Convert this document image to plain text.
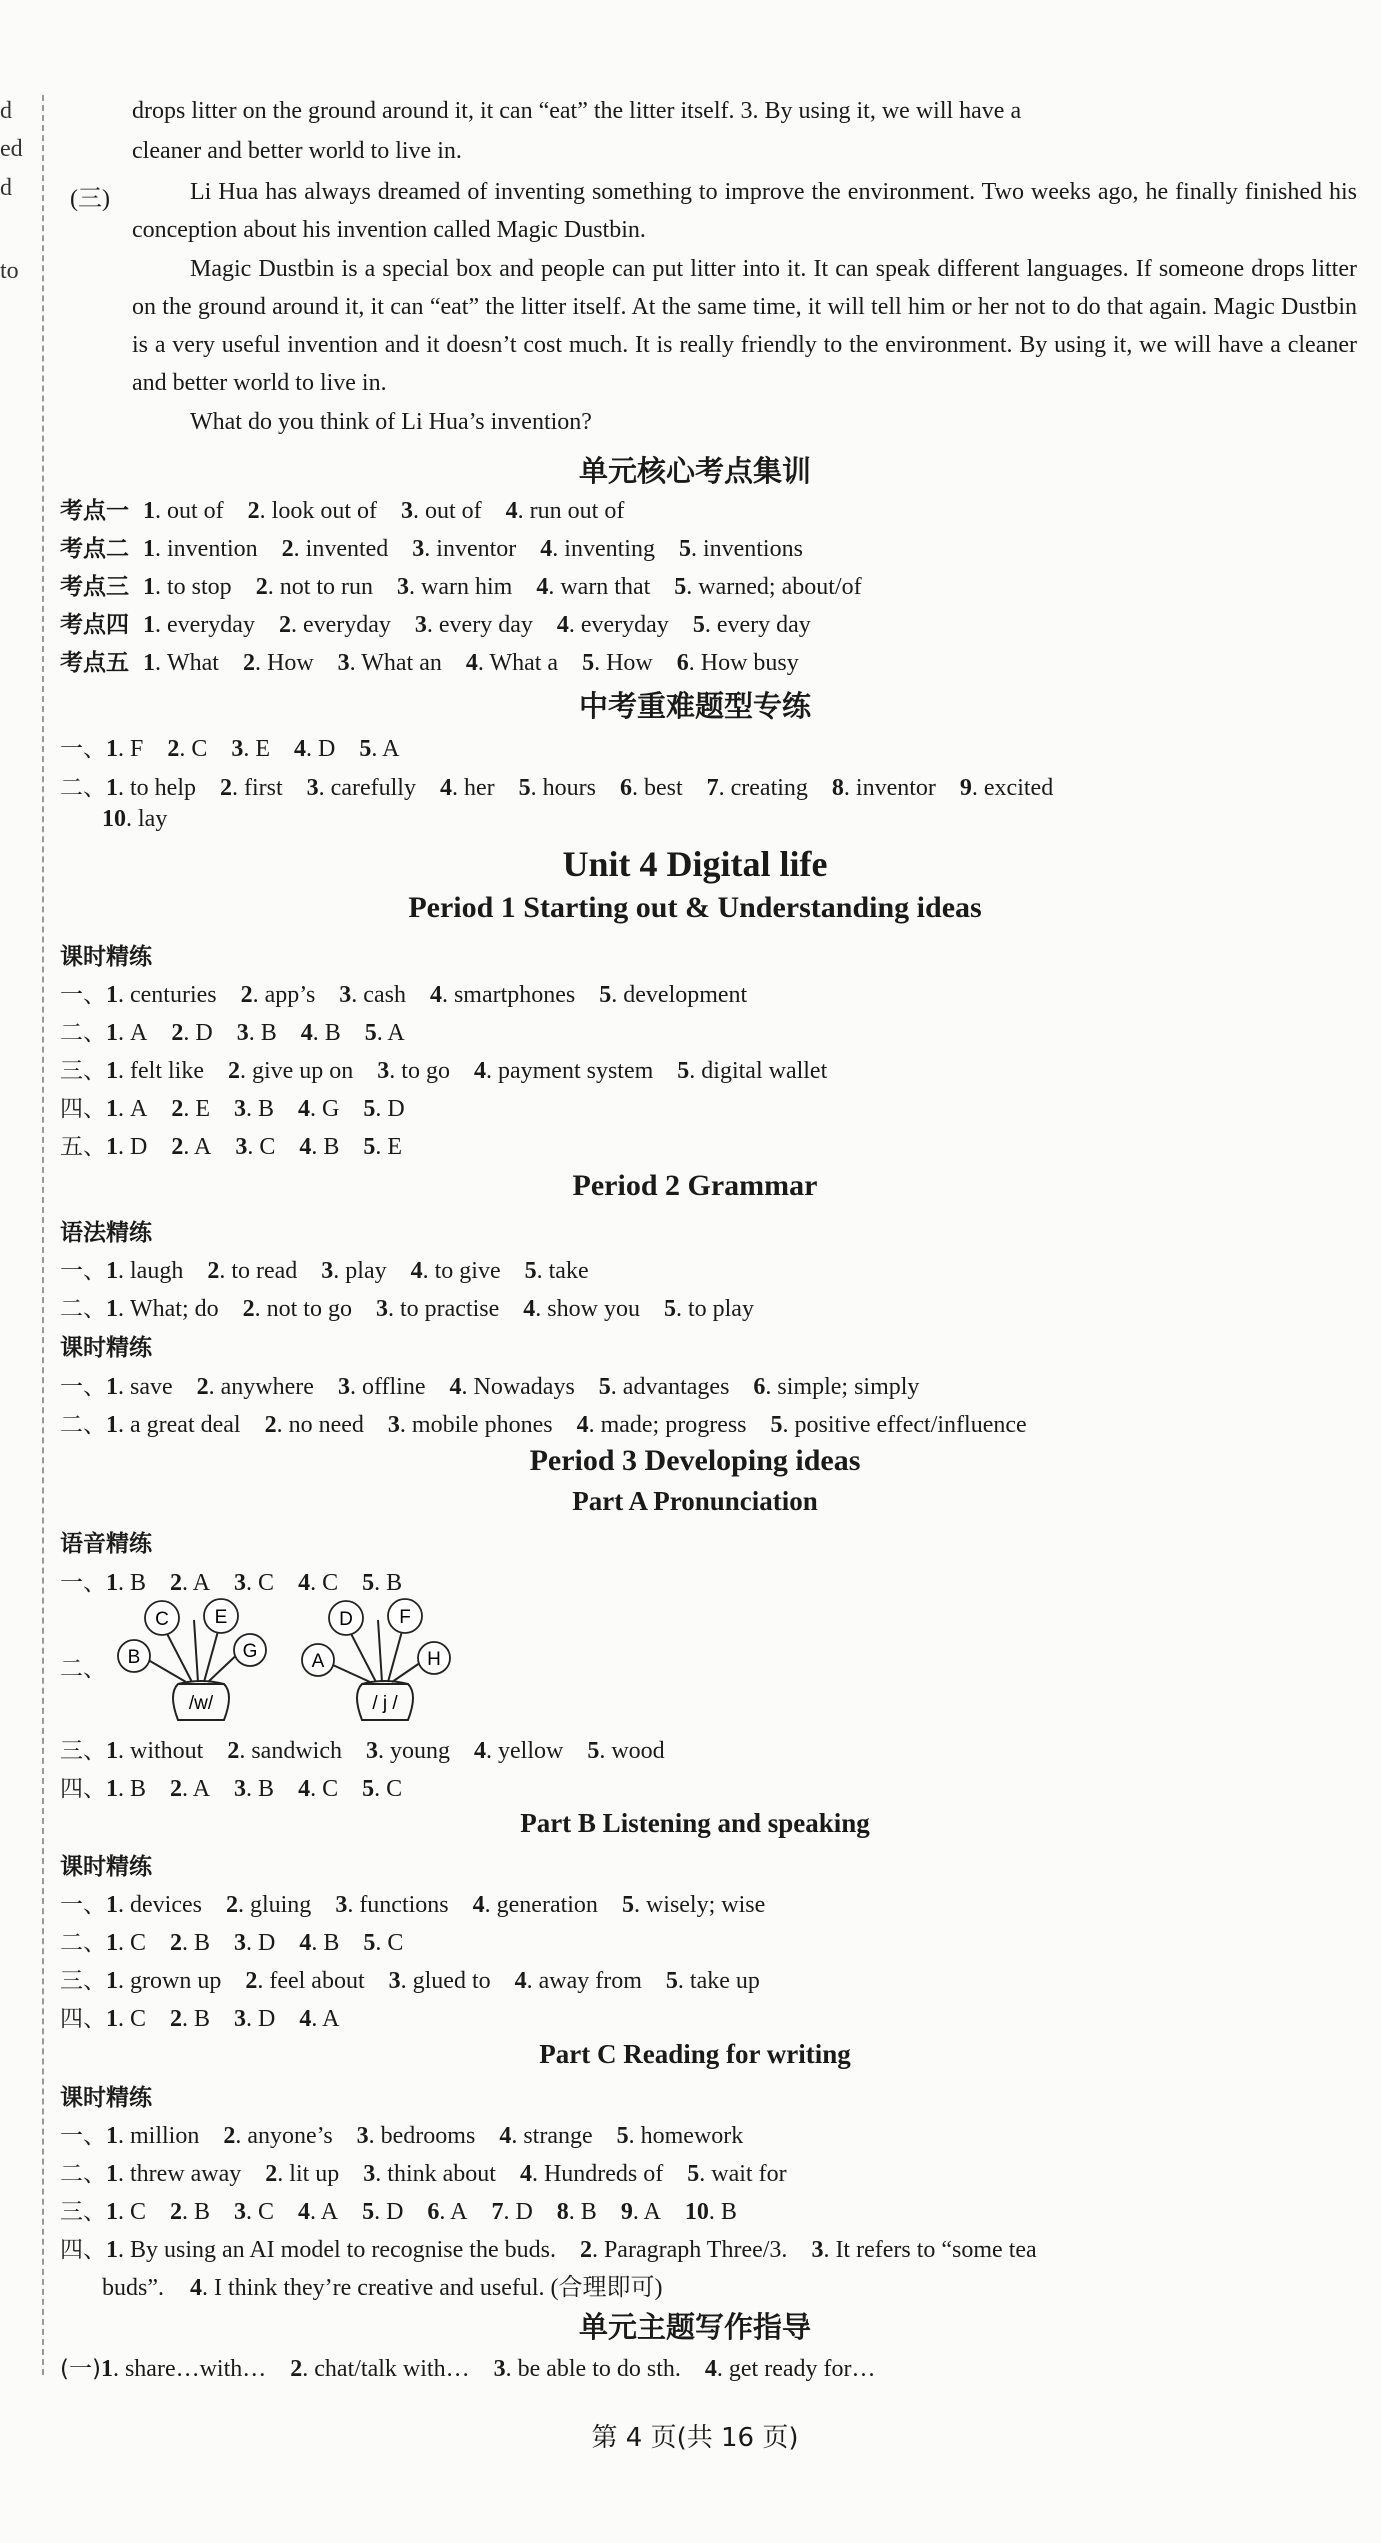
d
ed
d
to
drops litter on the ground around it, it can “eat” the litter itself. 3. By using it, we will have a
cleaner and better world to live in.
(三)	Li Hua has always dreamed of inventing something to improve the environment. Two weeks ago, he finally finished his conception about his invention called Magic Dustbin.
Magic Dustbin is a special box and people can put litter into it. It can speak different languages. If someone drops litter on the ground around it, it can “eat” the litter itself. At the same time, it will tell him or her not to do that again. Magic Dustbin is a very useful invention and it doesn’t cost much. It is really friendly to the environment. By using it, we will have a cleaner and better world to live in.
What do you think of Li Hua’s invention?
单元核心考点集训
考点一 1. out of 2. look out of 3. out of 4. run out of
考点二 1. invention 2. invented 3. inventor 4. inventing 5. inventions
考点三 1. to stop 2. not to run 3. warn him 4. warn that 5. warned; about/of
考点四 1. everyday 2. everyday 3. every day 4. everyday 5. every day
考点五 1. What 2. How 3. What an 4. What a 5. How 6. How busy
中考重难题型专练
一、1. F 2. C 3. E 4. D 5. A
二、1. to help 2. first 3. carefully 4. her 5. hours 6. best 7. creating 8. inventor 9. excited
10. lay
Unit 4 Digital life
Period 1 Starting out & Understanding ideas
课时精练
一、1. centuries 2. app’s 3. cash 4. smartphones 5. development
二、1. A 2. D 3. B 4. B 5. A
三、1. felt like 2. give up on 3. to go 4. payment system 5. digital wallet
四、1. A 2. E 3. B 4. G 5. D
五、1. D 2. A 3. C 4. B 5. E
Period 2 Grammar
语法精练
一、1. laugh 2. to read 3. play 4. to give 5. take
二、1. What; do 2. not to go 3. to practise 4. show you 5. to play
课时精练
一、1. save 2. anywhere 3. offline 4. Nowadays 5. advantages 6. simple; simply
二、1. a great deal 2. no need 3. mobile phones 4. made; progress 5. positive effect/influence
Period 3 Developing ideas
Part A Pronunciation
语音精练
一、1. B 2. A 3. C 4. C 5. B
二、
C E
B	G
/w/
D F
A	H
/ j /
三、1. without 2. sandwich 3. young 4. yellow 5. wood
四、1. B 2. A 3. B 4. C 5. C
Part B Listening and speaking
课时精练
一、1. devices 2. gluing 3. functions 4. generation 5. wisely; wise
二、1. C 2. B 3. D 4. B 5. C
三、1. grown up 2. feel about 3. glued to 4. away from 5. take up
四、1. C 2. B 3. D 4. A
Part C Reading for writing
课时精练
一、1. million 2. anyone’s 3. bedrooms 4. strange 5. homework
二、1. threw away 2. lit up 3. think about 4. Hundreds of 5. wait for
三、1. C 2. B 3. C 4. A 5. D 6. A 7. D 8. B 9. A 10. B
四、1. By using an AI model to recognise the buds. 2. Paragraph Three/3. 3. It refers to “some tea
buds”. 4. I think they’re creative and useful. (合理即可)
单元主题写作指导
(一)1. share…with… 2. chat/talk with… 3. be able to do sth. 4. get ready for…
第 4 页(共 16 页)
